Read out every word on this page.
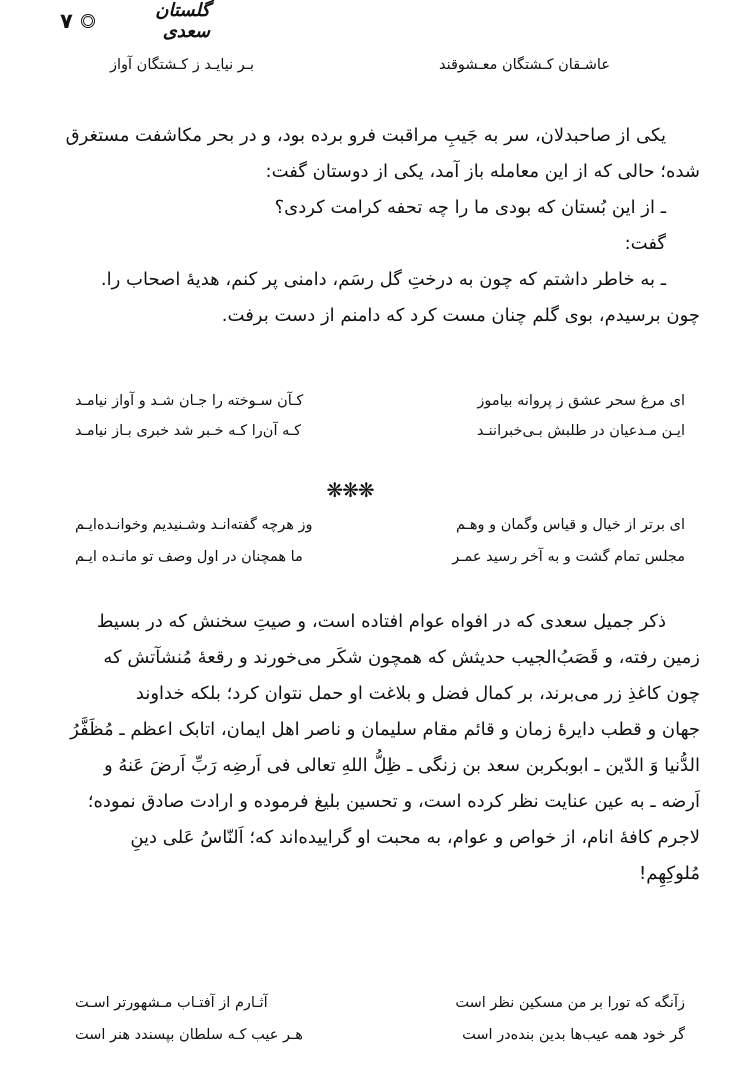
۷	گلستان سعدی
عاشـقان کـشتگان معـشوقند
بـر نیایـد ز کـشتگان آواز

یکی از صاحبدلان، سر به جَیبِ مراقبت فرو برده بود، و در بحر مکاشفت مستغرق

شده؛ حالی که از این معامله باز آمد، یکی از دوستان گفت:

ـ از این بُستان که بودی ما را چه تحفه کرامت کردی؟

گفت:

ـ به خاطر داشتم که چون به درختِ گل رسَم، دامنی پر کنم، هدیهٔ اصحاب را.

چون برسیدم، بوی گلم چنان مست کرد که دامنم از دست برفت.

ای مرغ سحر عشق ز پروانه بیاموز
کـآن سـوخته را جـان شـد و آواز نیامـد
ایـن مـدعیان در طلبش بـی‌خبراننـد
کـه آن‌را کـه خـبر شد خبری بـاز نیامـد
❋❋❋
ای برتر از خیال و قیاس وگمان و وهـم
وز هرچه گفته‌انـد وشـنیدیم وخوانـده‌ایـم
مجلس تمام گشت و به آخر رسید عمـر
ما همچنان در اول وصف تو مانـده ایـم

ذکر جمیل سعدی که در افواه عوام افتاده است، و صیتِ سخنش که در بسیط

زمین رفته، و قَصَب‌ُالجیب حدیثش که همچون شکَر می‌خورند و رقعهٔ مُنشآتش که

چون کاغذِ زر می‌برند، بر کمال فضل و بلاغت او حمل نتوان کرد؛ بلکه خداوند

جهان و قطب دایرهٔ زمان و قائم مقام سلیمان و ناصر اهل ایمان، اتابک اعظم ـ مُظَفَّرُ

الدُّنیا وَ الدّین ـ ابوبکربن سعد بن زنگی ـ ظِلُّ اللهِ تعالی فی اَرضِه رَبِّ اَرضَ عَنهُ و

اَرضه ـ به عین عنایت نظر کرده است، و تحسین بلیغ فرموده و ارادت صادق نموده؛

لاجرم کافهٔ انام، از خواص و عوام، به محبت او گراییده‌اند که؛ اَلنّاسُ عَلی دینِ

مُلوکِهِم!

زآنگه که تورا بر من مسکین نظر است
آثـارم از آفتـاب مـشهورتر اسـت
گر خود همه عیب‌ها بدین بنده‌در است
هـر عیب کـه سلطان بپسندد هنر است
